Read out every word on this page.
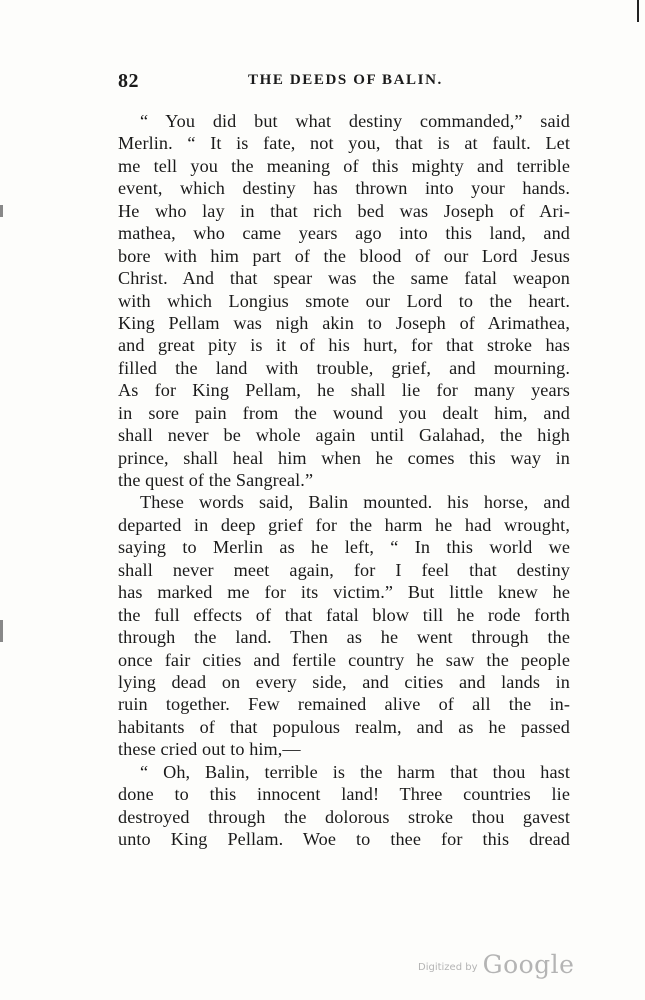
82	THE DEEDS OF BALIN.
“ You did but what destiny commanded,” said
Merlin. “ It is fate, not you, that is at fault. Let
me tell you the meaning of this mighty and terrible
event, which destiny has thrown into your hands.
He who lay in that rich bed was Joseph of Ari-
mathea, who came years ago into this land, and
bore with him part of the blood of our Lord Jesus
Christ. And that spear was the same fatal weapon
with which Longius smote our Lord to the heart.
King Pellam was nigh akin to Joseph of Arimathea,
and great pity is it of his hurt, for that stroke has
filled the land with trouble, grief, and mourning.
As for King Pellam, he shall lie for many years
in sore pain from the wound you dealt him, and
shall never be whole again until Galahad, the high
prince, shall heal him when he comes this way in
the quest of the Sangreal.”
These words said, Balin mounted. his horse, and
departed in deep grief for the harm he had wrought,
saying to Merlin as he left, “ In this world we
shall never meet again, for I feel that destiny
has marked me for its victim.” But little knew he
the full effects of that fatal blow till he rode forth
through the land. Then as he went through the
once fair cities and fertile country he saw the people
lying dead on every side, and cities and lands in
ruin together. Few remained alive of all the in-
habitants of that populous realm, and as he passed
these cried out to him,—
“ Oh, Balin, terrible is the harm that thou hast
done to this innocent land! Three countries lie
destroyed through the dolorous stroke thou gavest
unto King Pellam. Woe to thee for this dread
Digitized by Google
